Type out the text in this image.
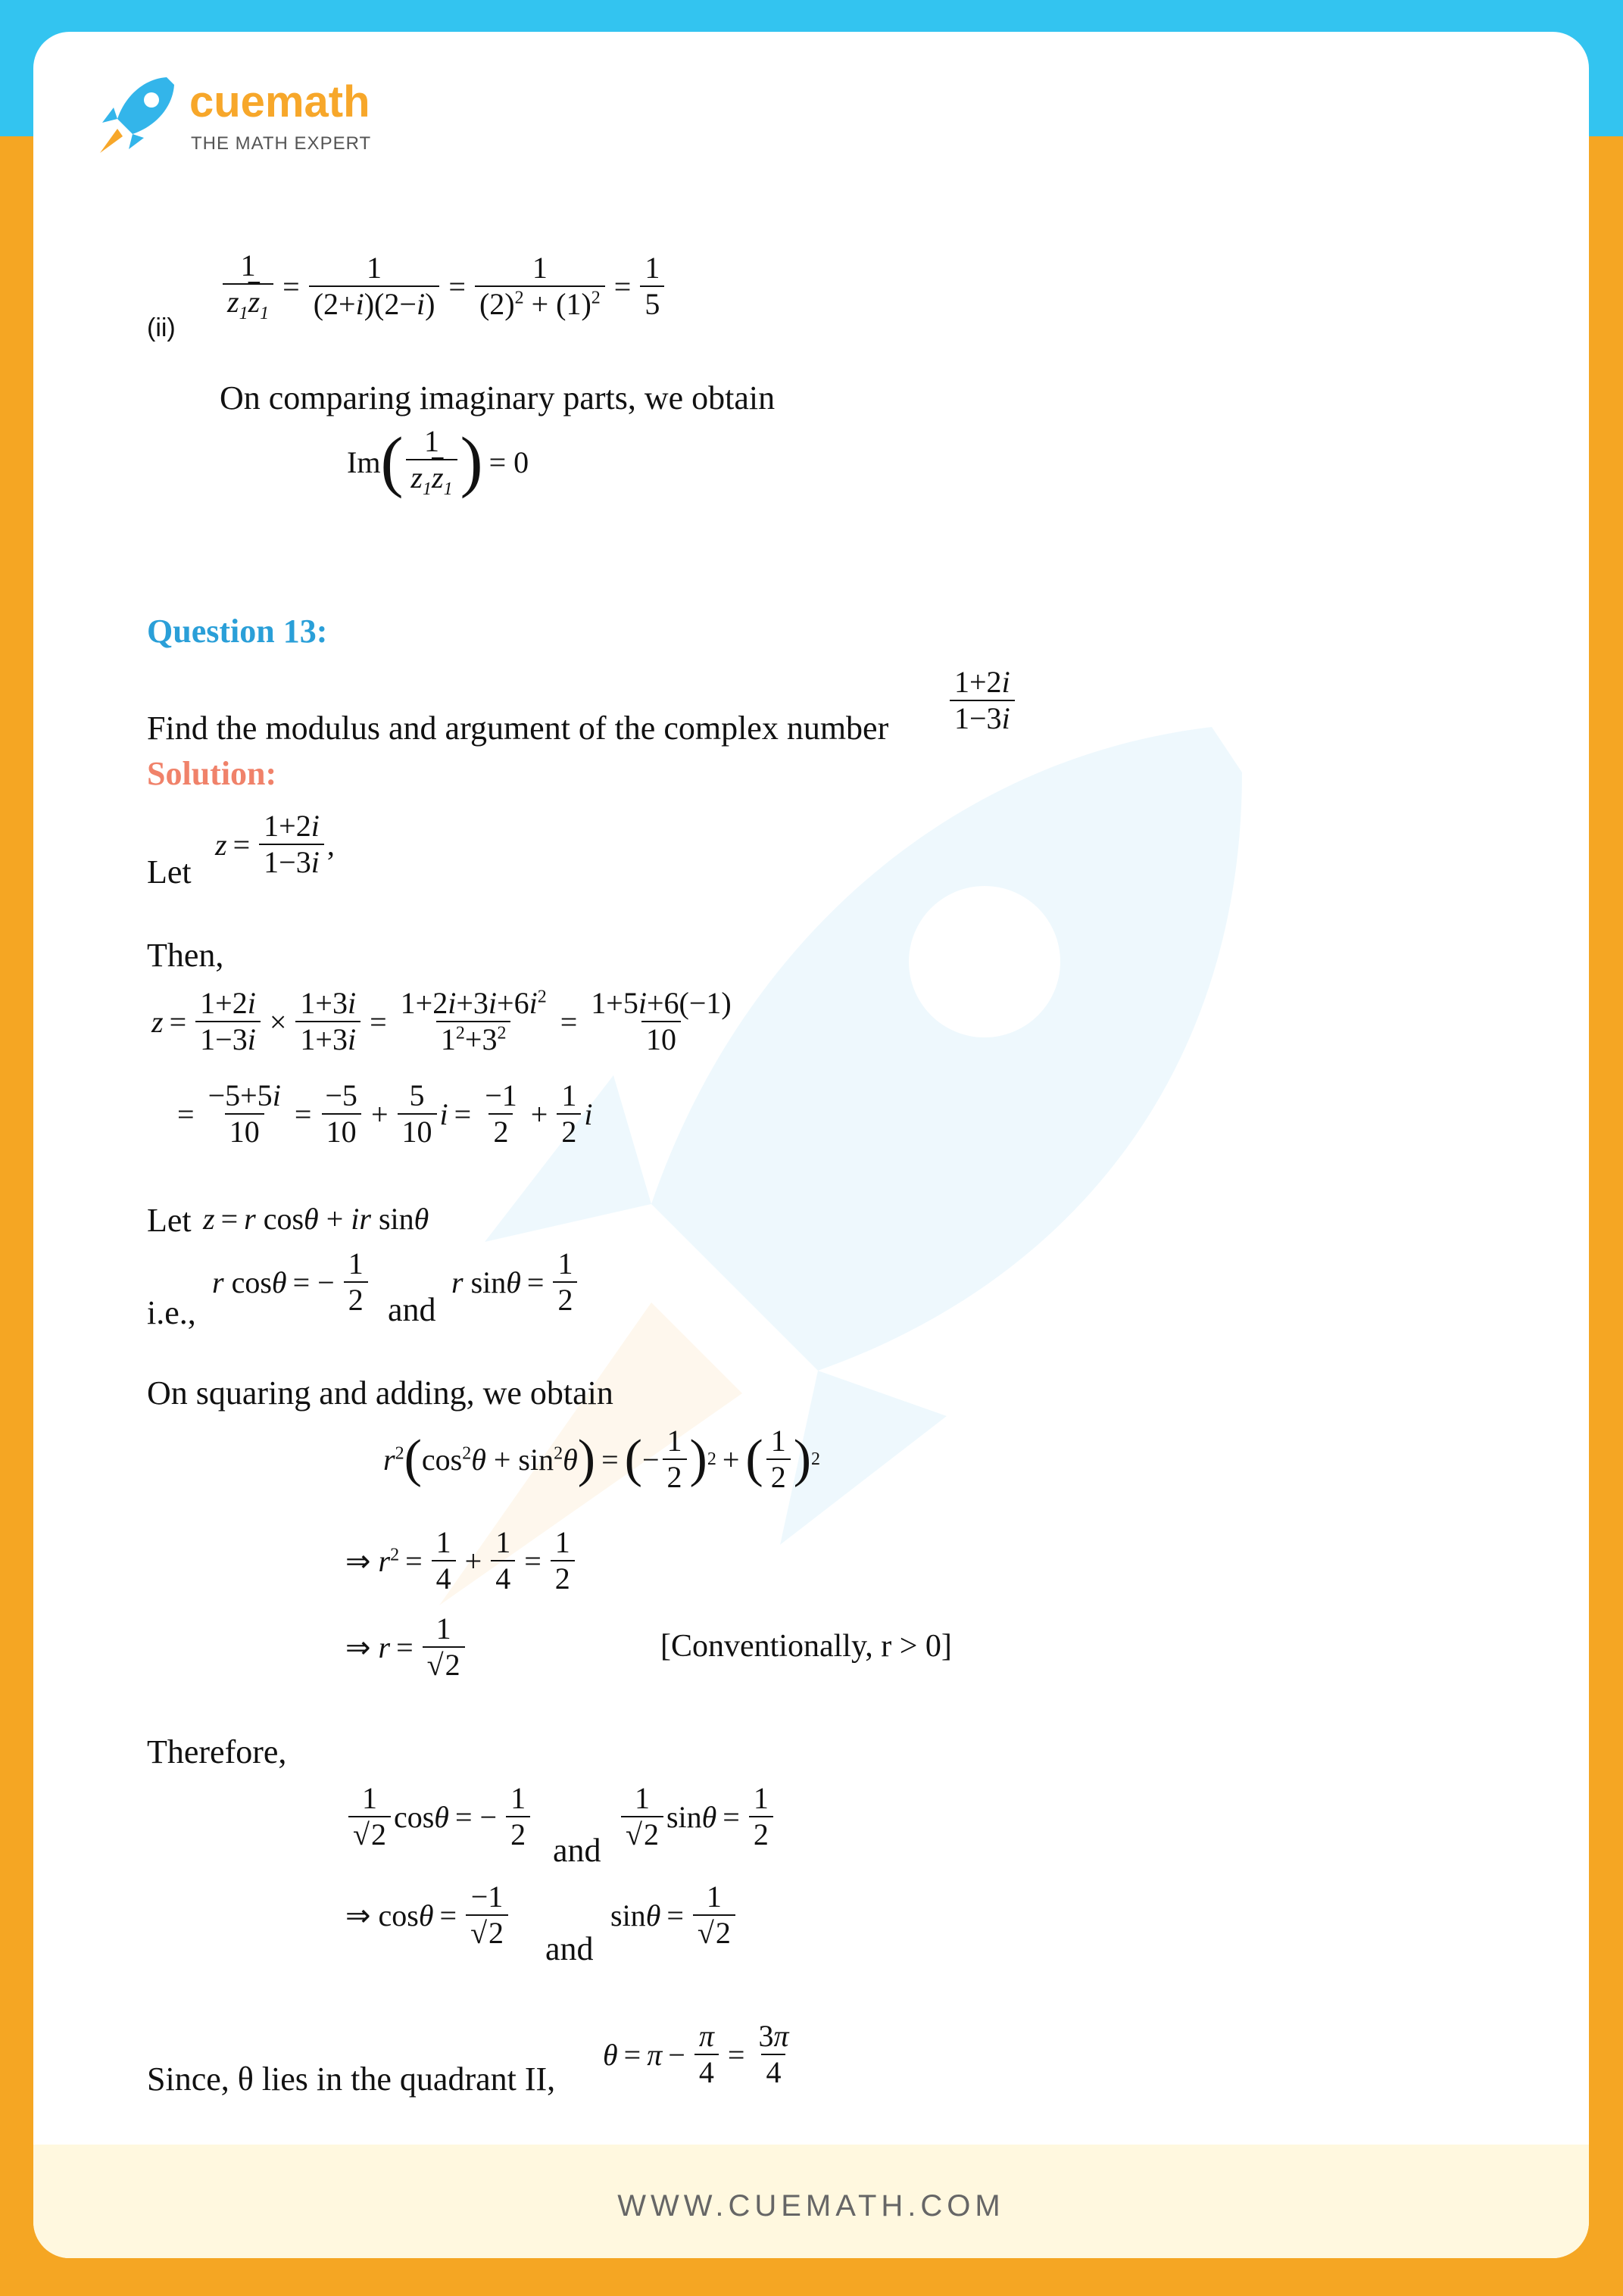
WWW.CUEMATH.COM
cuemath
THE MATH EXPERT
(ii)
$\frac{1}{z_1\overline{z}_1} = \frac{1}{(2+i)(2-i)} = \frac{1}{(2)^2 + (1)^2} = \frac{1}{5}$
On comparing imaginary parts, we obtain
Im ( $\frac{1}{z_1\overline{z}_1}$ ) = 0
Question 13:
Find the modulus and argument of the complex number $\frac{1+2i}{1-3i}$
Solution:
Let
$z = \frac{1+2i}{1-3i}$ ,
Then,
$z = \frac{1+2i}{1-3i} \times \frac{1+3i}{1+3i} = \frac{1+2i+3i+6i^2}{1^2+3^2} = \frac{1+5i+6(-1)}{10}$
= $\frac{-5+5i}{10} = \frac{-5}{10} + \frac{5}{10}$ $i = \frac{-1}{2} + \frac{1}{2}$ i
Let z = r cosθ + ir sinθ
i.e.,
r cosθ = − $\frac{1}{2}$ and
r $\sin\theta = \frac{1}{2}$
On squaring and adding, we obtain
$r^2$ ( $\cos^2\theta + \sin^2\theta$ ) = ( − $\frac{1}{2}$ ) 2 + ( $\frac{1}{2}$ ) 2
⇒ $r^2 = \frac{1}{4} + \frac{1}{4} = \frac{1}{2}$
⇒ $r = \frac{1}{√2}$	[Conventionally, r > 0]
Therefore,
$\frac{1}{√2}$ cosθ = − $\frac{1}{2}$ and $\frac{1}{√2}$ $\sin\theta = \frac{1}{2}$
⇒ $\cos\theta = \frac{-1}{√2}$ and
$\sin\theta = \frac{1}{√2}$
Since, θ lies in the quadrant II,
$\theta = \pi - \frac{\pi}{4} = \frac{3\pi}{4}$
